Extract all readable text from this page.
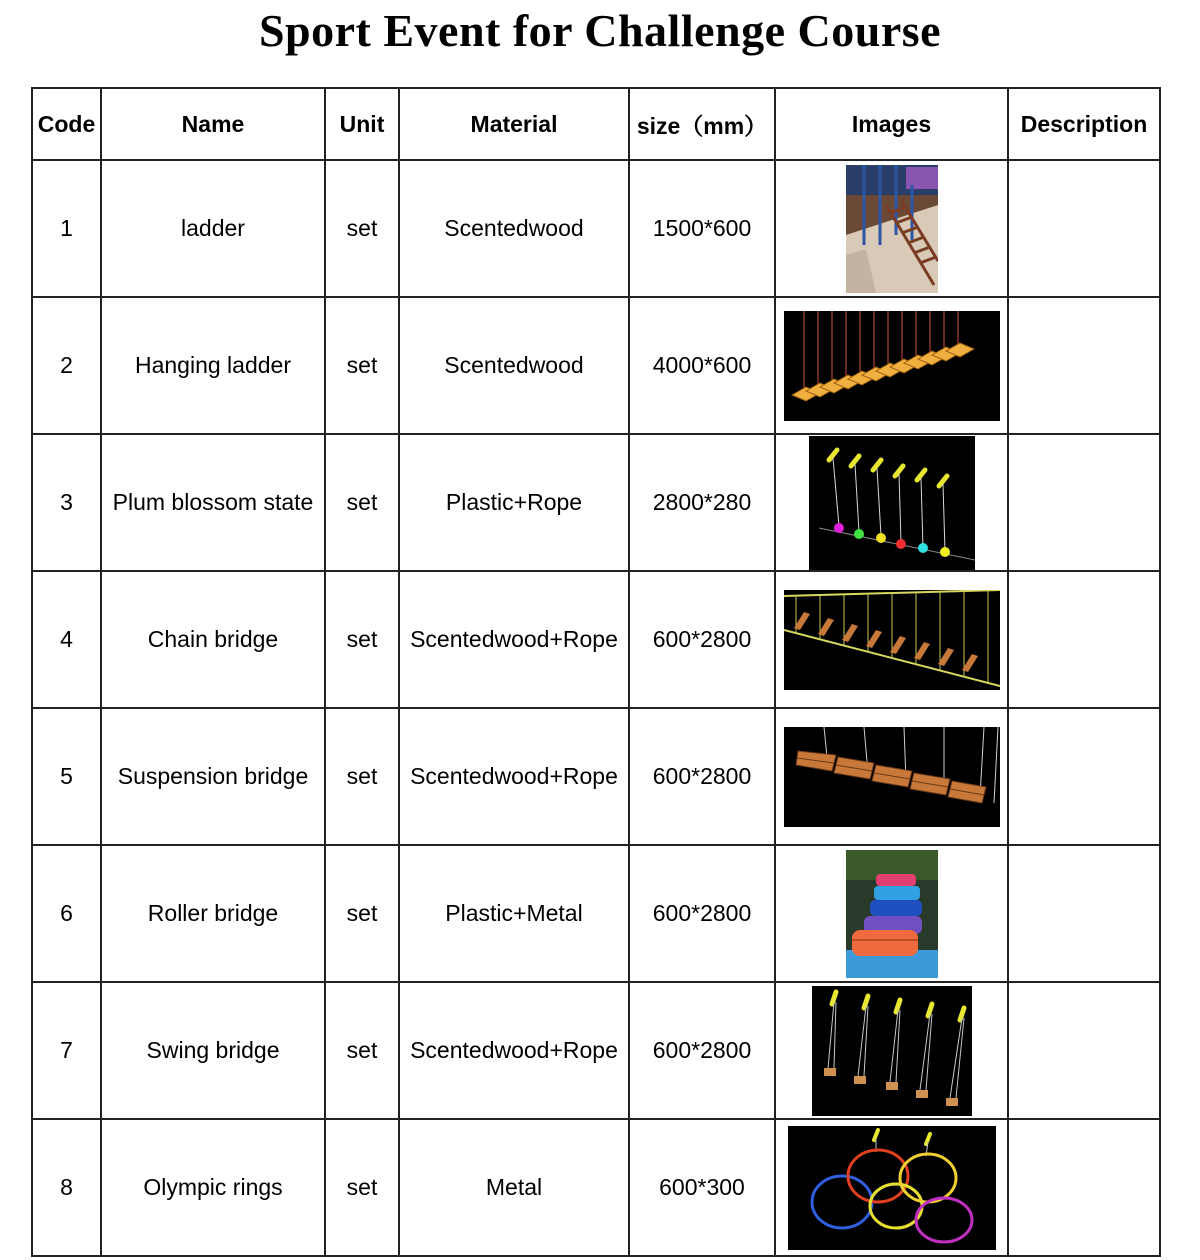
Sport Event for Challenge Course
Code	Name	Unit	Material	size（mm）	Images	Description
1	ladder	set	Scentedwood	1500*600	

2	Hanging ladder	set	Scentedwood	4000*600	

3	Plum blossom state	set	Plastic+Rope	2800*280	

4	Chain bridge	set	Scentedwood+Rope	600*2800	

5	Suspension bridge	set	Scentedwood+Rope	600*2800	

6	Roller bridge	set	Plastic+Metal	600*2800	

7	Swing bridge	set	Scentedwood+Rope	600*2800	

8	Olympic rings	set	Metal	600*300	
